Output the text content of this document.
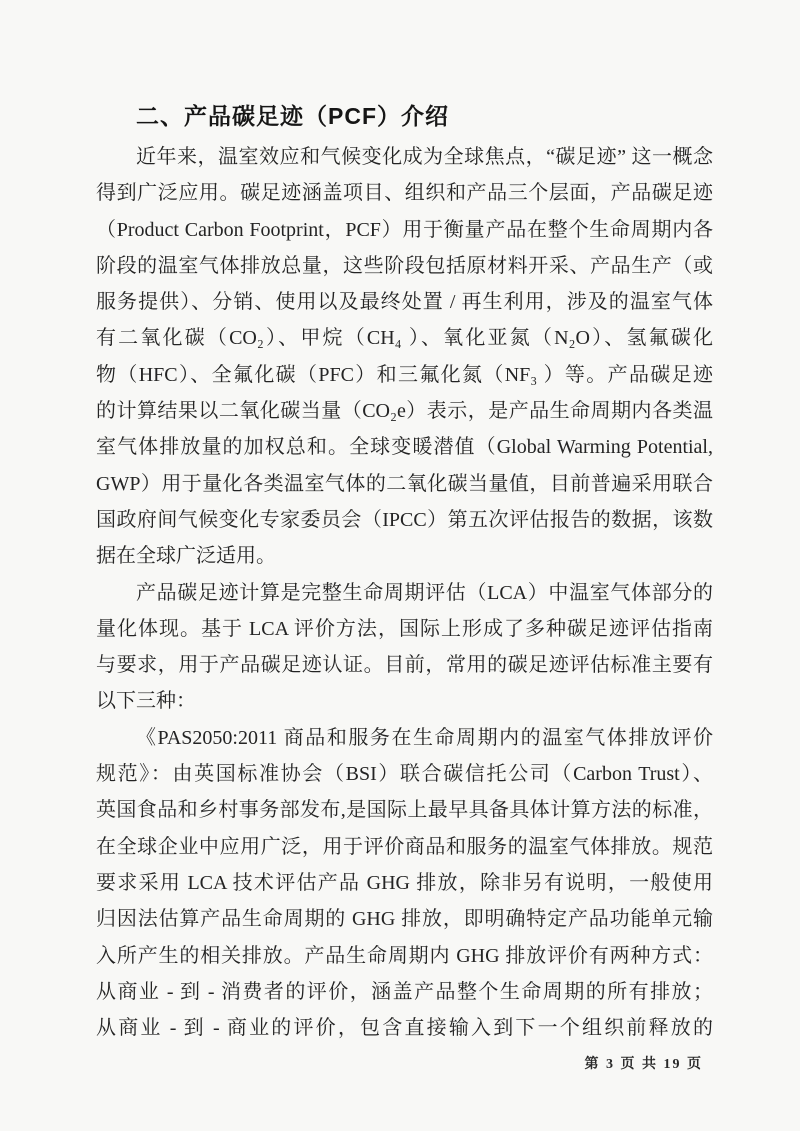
二、产品碳足迹（PCF）介绍
近年来，温室效应和气候变化成为全球焦点，“碳足迹” 这一概念
得到广泛应用。碳足迹涵盖项目、组织和产品三个层面，产品碳足迹
（Product Carbon Footprint，PCF）用于衡量产品在整个生命周期内各
阶段的温室气体排放总量，这些阶段包括原材料开采、产品生产（或
服务提供）、分销、使用以及最终处置 / 再生利用，涉及的温室气体
有二氧化碳（CO₂）、甲烷（CH₄ ）、氧化亚氮（N₂O）、氢氟碳化
物（HFC）、全氟化碳（PFC）和三氟化氮（NF₃ ）等。产品碳足迹
的计算结果以二氧化碳当量（CO₂e）表示，是产品生命周期内各类温
室气体排放量的加权总和。全球变暖潜值（Global Warming Potential,
GWP）用于量化各类温室气体的二氧化碳当量值，目前普遍采用联合
国政府间气候变化专家委员会（IPCC）第五次评估报告的数据，该数
据在全球广泛适用。
产品碳足迹计算是完整生命周期评估（LCA）中温室气体部分的
量化体现。基于 LCA 评价方法，国际上形成了多种碳足迹评估指南
与要求，用于产品碳足迹认证。目前，常用的碳足迹评估标准主要有
以下三种：
《PAS2050:2011 商品和服务在生命周期内的温室气体排放评价
规范》：由英国标准协会（BSI）联合碳信托公司（Carbon Trust）、
英国食品和乡村事务部发布,是国际上最早具备具体计算方法的标准，
在全球企业中应用广泛，用于评价商品和服务的温室气体排放。规范
要求采用 LCA 技术评估产品 GHG 排放，除非另有说明，一般使用
归因法估算产品生命周期的 GHG 排放，即明确特定产品功能单元输
入所产生的相关排放。产品生命周期内 GHG 排放评价有两种方式：
从商业 - 到 - 消费者的评价，涵盖产品整个生命周期的所有排放；
从商业 - 到 - 商业的评价，包含直接输入到下一个组织前释放的
第 3 页 共 19 页
